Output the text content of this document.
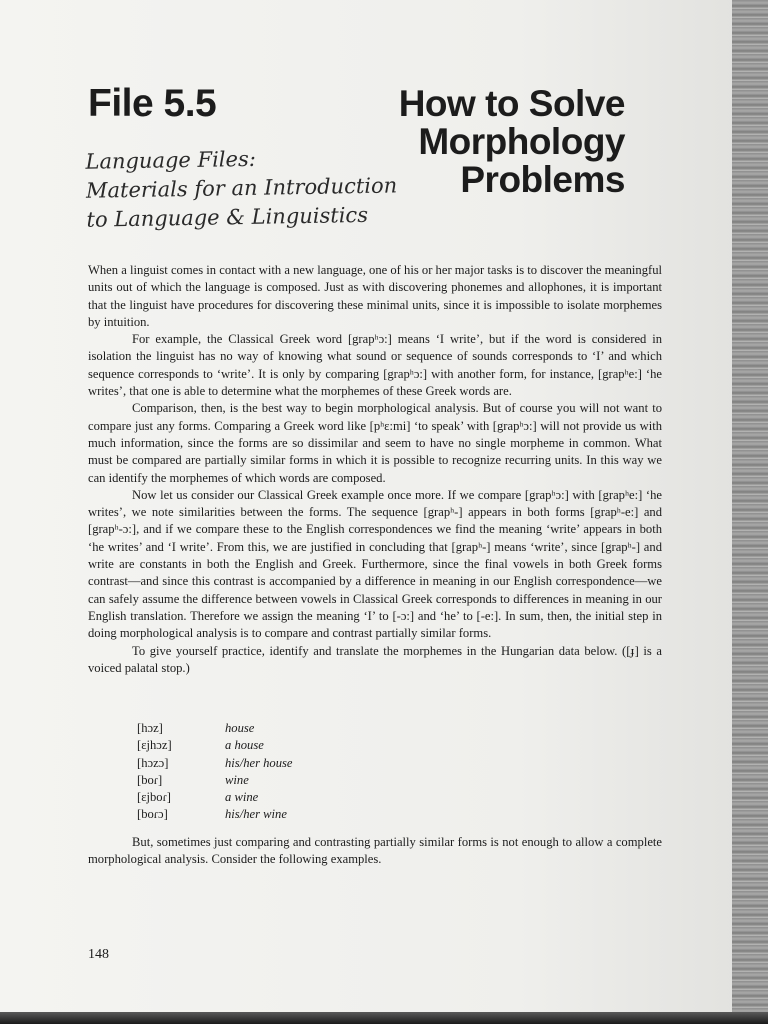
File 5.5	How to Solve
Morphology
Problems
Language Files:
Materials for an Introduction
to Language & Linguistics

When a linguist comes in contact with a new language, one of his or her major tasks is to discover the meaningful units out of which the language is composed. Just as with discovering phonemes and allophones, it is important that the linguist have procedures for discovering these minimal units, since it is impossible to isolate morphemes by intuition.

For example, the Classical Greek word [grapʰɔ:] means ‘I write’, but if the word is considered in isolation the linguist has no way of knowing what sound or sequence of sounds corresponds to ‘I’ and which sequence corresponds to ‘write’. It is only by comparing [grapʰɔ:] with another form, for instance, [grapʰe:] ‘he writes’, that one is able to determine what the morphemes of these Greek words are.

Comparison, then, is the best way to begin morphological analysis. But of course you will not want to compare just any forms. Comparing a Greek word like [pʰɛ:mi] ‘to speak’ with [grapʰɔ:] will not provide us with much information, since the forms are so dissimilar and seem to have no single morpheme in common. What must be compared are partially similar forms in which it is possible to recognize recurring units. In this way we can identify the morphemes of which words are composed.

Now let us consider our Classical Greek example once more. If we compare [grapʰɔ:] with [grapʰe:] ‘he writes’, we note similarities between the forms. The sequence [grapʰ-] appears in both forms [grapʰ-e:] and [grapʰ-ɔ:], and if we compare these to the English correspondences we find the meaning ‘write’ appears in both ‘he writes’ and ‘I write’. From this, we are justified in concluding that [grapʰ-] means ‘write’, since [grapʰ-] and write are constants in both the English and Greek. Furthermore, since the final vowels in both Greek forms contrast—and since this contrast is accompanied by a difference in meaning in our English correspondence—we can safely assume the difference between vowels in Classical Greek corresponds to differences in meaning in our English translation. Therefore we assign the meaning ‘I’ to [-ɔ:] and ‘he’ to [-e:]. In sum, then, the initial step in doing morphological analysis is to compare and contrast partially similar forms.

To give yourself practice, identify and translate the morphemes in the Hungarian data below. ([ɟ] is a voiced palatal stop.)

[hɔz]	house
[ɛjhɔz]	a house
[hɔzɔ]	his/her house
[boɾ]	wine
[ɛjboɾ]	a wine
[boɾɔ]	his/her wine

But, sometimes just comparing and contrasting partially similar forms is not enough to allow a complete morphological analysis. Consider the following examples.

148
